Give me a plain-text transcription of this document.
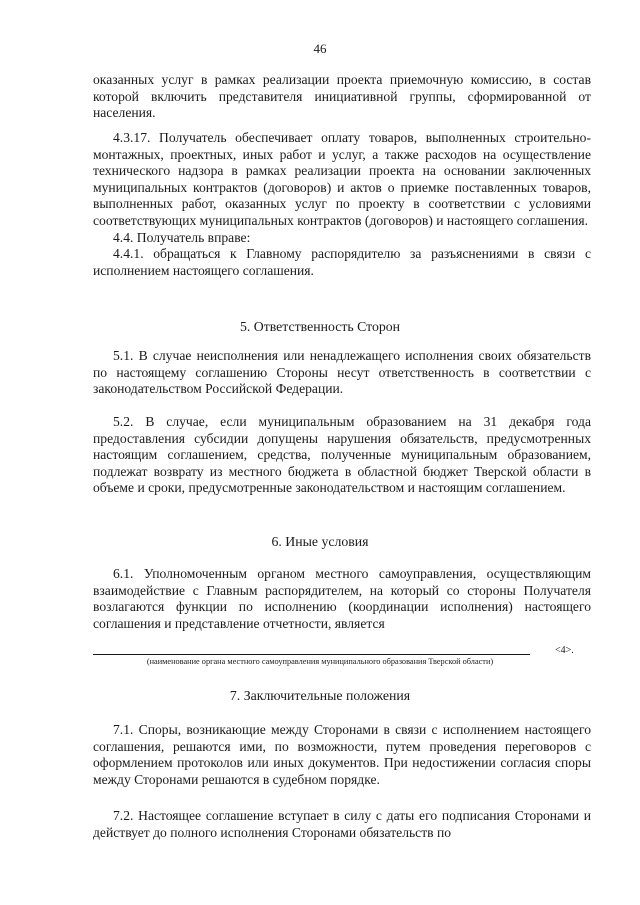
46

оказанных услуг в рамках реализации проекта приемочную комиссию, в состав которой включить представителя инициативной группы, сформированной от населения.

4.3.17. Получатель обеспечивает оплату товаров, выполненных строительно-монтажных, проектных, иных работ и услуг, а также расходов на осуществление технического надзора в рамках реализации проекта на основании заключенных муниципальных контрактов (договоров) и актов о приемке поставленных товаров, выполненных работ, оказанных услуг по проекту в соответствии с условиями соответствующих муниципальных контрактов (договоров) и настоящего соглашения.

4.4. Получатель вправе:

4.4.1. обращаться к Главному распорядителю за разъяснениями в связи с исполнением настоящего соглашения.

5. Ответственность Сторон

5.1. В случае неисполнения или ненадлежащего исполнения своих обязательств по настоящему соглашению Стороны несут ответственность в соответствии с законодательством Российской Федерации.

5.2. В случае, если муниципальным образованием на 31 декабря года предоставления субсидии допущены нарушения обязательств, предусмотренных настоящим соглашением, средства, полученные муниципальным образованием, подлежат возврату из местного бюджета в областной бюджет Тверской области в объеме и сроки, предусмотренные законодательством и настоящим соглашением.

6. Иные условия

6.1. Уполномоченным органом местного самоуправления, осуществляющим взаимодействие с Главным распорядителем, на который со стороны Получателя возлагаются функции по исполнению (координации исполнения) настоящего соглашения и представление отчетности, является

<4>.
(наименование органа местного самоуправления муниципального образования Тверской области)
7. Заключительные положения

7.1. Споры, возникающие между Сторонами в связи с исполнением настоящего соглашения, решаются ими, по возможности, путем проведения переговоров с оформлением протоколов или иных документов. При недостижении согласия споры между Сторонами решаются в судебном порядке.

7.2. Настоящее соглашение вступает в силу с даты его подписания Сторонами и действует до полного исполнения Сторонами обязательств по
